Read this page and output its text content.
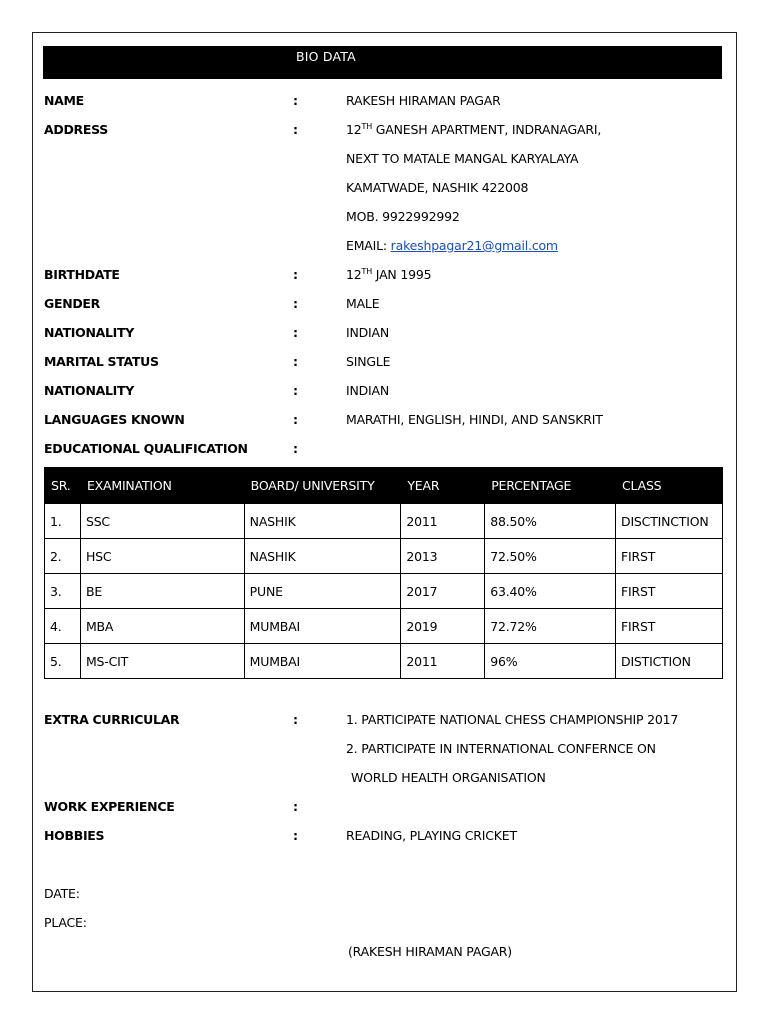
BIO DATA
NAME	:	RAKESH HIRAMAN PAGAR
ADDRESS	:	12TH GANESH APARTMENT, INDRANAGARI,
NEXT TO MATALE MANGAL KARYALAYA
KAMATWADE, NASHIK 422008
MOB. 9922992992
EMAIL: rakeshpagar21@gmail.com
BIRTHDATE	:	12TH JAN 1995
GENDER	:	MALE
NATIONALITY	:	INDIAN
MARITAL STATUS	:	SINGLE
NATIONALITY	:	INDIAN
LANGUAGES KNOWN	:	MARATHI, ENGLISH, HINDI, AND SANSKRIT
EDUCATIONAL QUALIFICATION	:
SR.	EXAMINATION	BOARD/ UNIVERSITY	YEAR	PERCENTAGE	CLASS
1.	SSC	NASHIK	2011	88.50%	DISCTINCTION
2.	HSC	NASHIK	2013	72.50%	FIRST
3.	BE	PUNE	2017	63.40%	FIRST
4.	MBA	MUMBAI	2019	72.72%	FIRST
5.	MS-CIT	MUMBAI	2011	96%	DISTICTION
EXTRA CURRICULAR	:	1. PARTICIPATE NATIONAL CHESS CHAMPIONSHIP 2017
2. PARTICIPATE IN INTERNATIONAL CONFERNCE ON
WORLD HEALTH ORGANISATION
WORK EXPERIENCE	:
HOBBIES	:	READING, PLAYING CRICKET
DATE:
PLACE:
(RAKESH HIRAMAN PAGAR)
